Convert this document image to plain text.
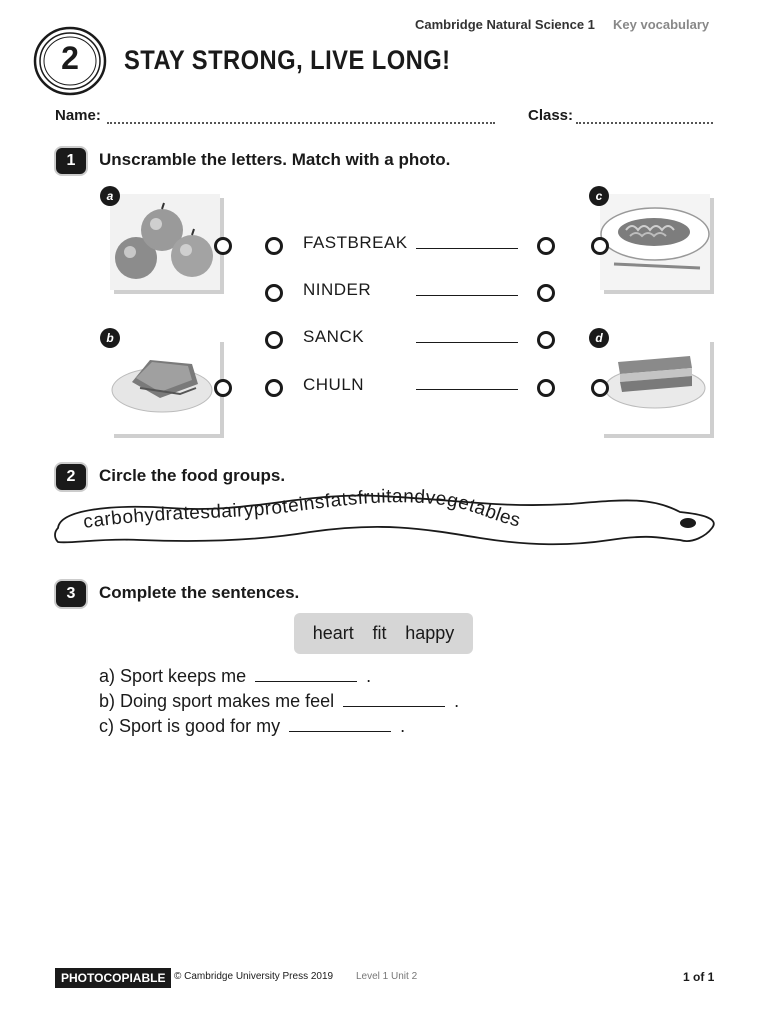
Cambridge Natural Science 1 Key vocabulary
2	STAY STRONG, LIVE LONG!
Name:	Class:
1	Unscramble the letters. Match with a photo.
a
b
c
d
FASTBREAK
NINDER
SANCK
CHULN
2	Circle the food groups.
carbohydratesdairyproteinsfatsfruitandvegetables
3	Complete the sentences.
heart fit happy
a) Sport keeps me	.
b) Doing sport makes me feel	.
c) Sport is good for my	.
PHOTOCOPIABLE © Cambridge University Press 2019 Level 1 Unit 2	1 of 1
